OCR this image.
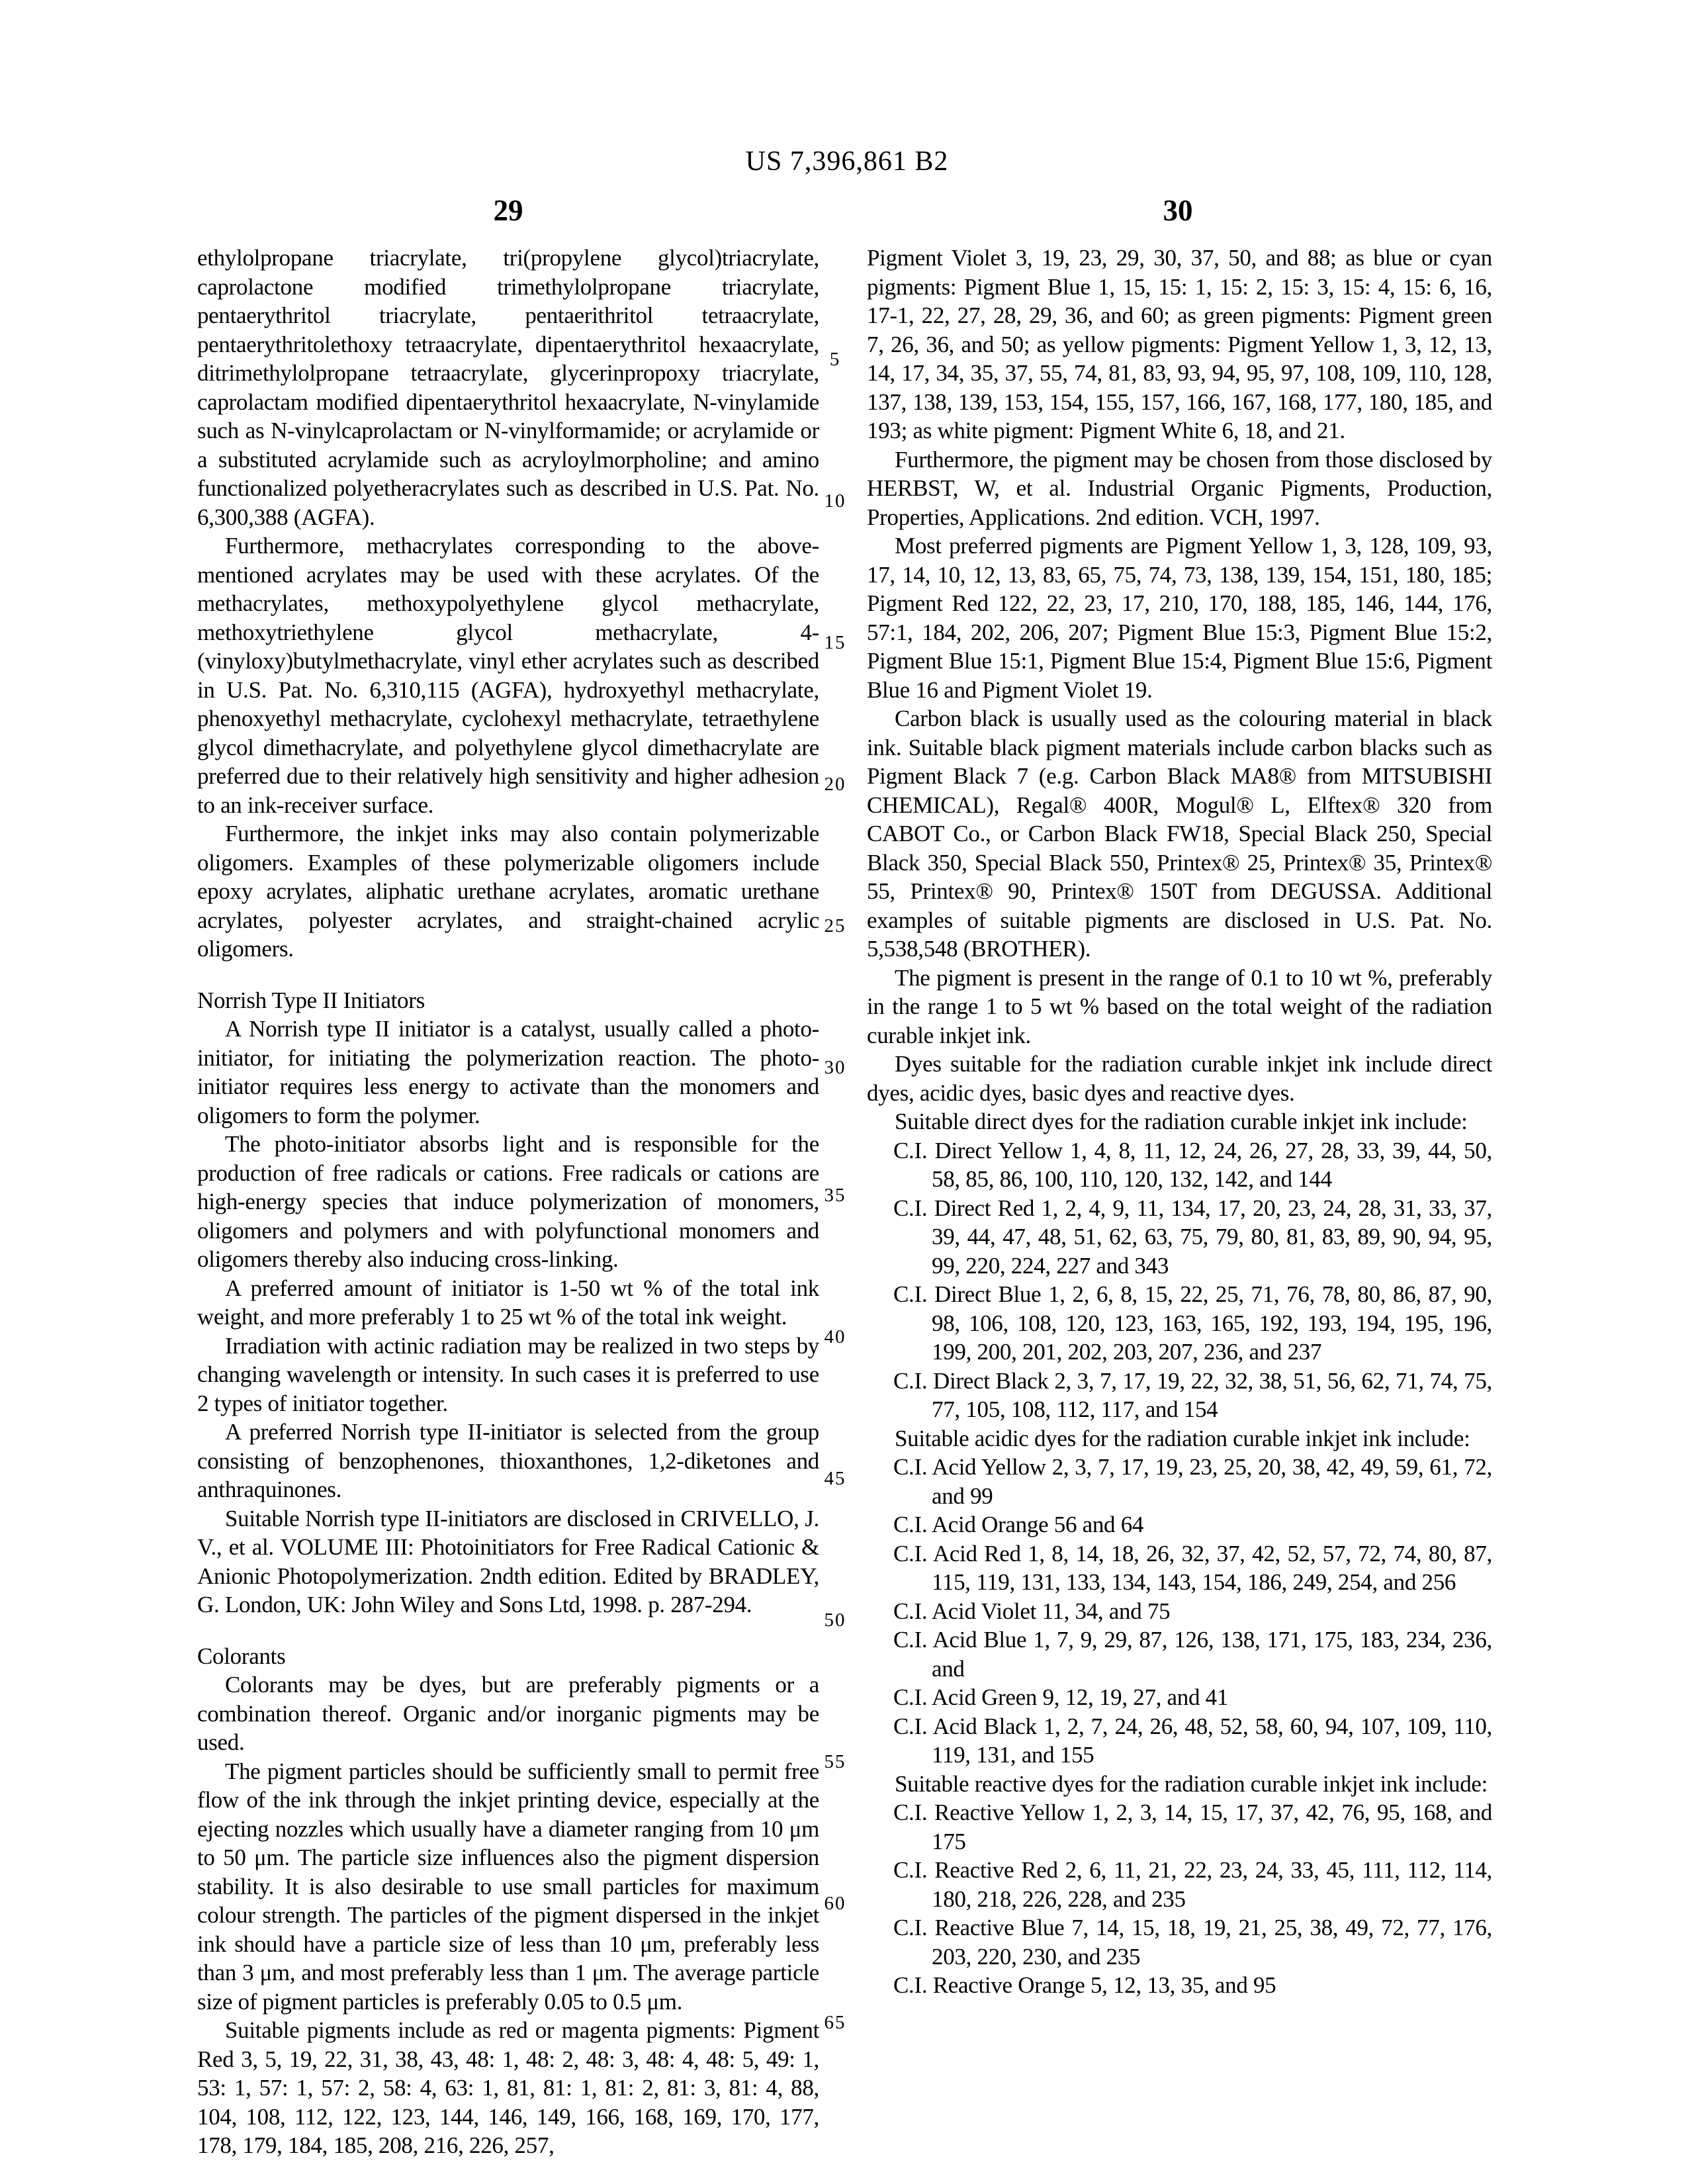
US 7,396,861 B2
29	30
5
10
15
20
25
30
35
40
45
50
55
60
65
ethylolpropane triacrylate, tri(propylene glycol)triacrylate, caprolactone modified trimethylolpropane triacrylate, pentaerythritol triacrylate, pentaerithritol tetraacrylate, pentaerythritolethoxy tetraacrylate, dipentaerythritol hexaacrylate, ditrimethylolpropane tetraacrylate, glycerinpropoxy triacrylate, caprolactam modified dipentaerythritol hexaacrylate, N-vinylamide such as N-vinylcaprolactam or N-vinylformamide; or acrylamide or a substituted acrylamide such as acryloylmorpholine; and amino functionalized polyetheracrylates such as described in U.S. Pat. No. 6,300,388 (AGFA).
Furthermore, methacrylates corresponding to the above-mentioned acrylates may be used with these acrylates. Of the methacrylates, methoxypolyethylene glycol methacrylate, methoxytriethylene glycol methacrylate, 4-(vinyloxy)butylmethacrylate, vinyl ether acrylates such as described in U.S. Pat. No. 6,310,115 (AGFA), hydroxyethyl methacrylate, phenoxyethyl methacrylate, cyclohexyl methacrylate, tetraethylene glycol dimethacrylate, and polyethylene glycol dimethacrylate are preferred due to their relatively high sensitivity and higher adhesion to an ink-receiver surface.
Furthermore, the inkjet inks may also contain polymerizable oligomers. Examples of these polymerizable oligomers include epoxy acrylates, aliphatic urethane acrylates, aromatic urethane acrylates, polyester acrylates, and straight-chained acrylic oligomers.
Norrish Type II Initiators
A Norrish type II initiator is a catalyst, usually called a photo-initiator, for initiating the polymerization reaction. The photo-initiator requires less energy to activate than the monomers and oligomers to form the polymer.
The photo-initiator absorbs light and is responsible for the production of free radicals or cations. Free radicals or cations are high-energy species that induce polymerization of monomers, oligomers and polymers and with polyfunctional monomers and oligomers thereby also inducing cross-linking.
A preferred amount of initiator is 1-50 wt % of the total ink weight, and more preferably 1 to 25 wt % of the total ink weight.
Irradiation with actinic radiation may be realized in two steps by changing wavelength or intensity. In such cases it is preferred to use 2 types of initiator together.
A preferred Norrish type II-initiator is selected from the group consisting of benzophenones, thioxanthones, 1,2-diketones and anthraquinones.
Suitable Norrish type II-initiators are disclosed in CRIVELLO, J. V., et al. VOLUME III: Photoinitiators for Free Radical Cationic & Anionic Photopolymerization. 2ndth edition. Edited by BRADLEY, G. London, UK: John Wiley and Sons Ltd, 1998. p. 287-294.
Colorants
Colorants may be dyes, but are preferably pigments or a combination thereof. Organic and/or inorganic pigments may be used.
The pigment particles should be sufficiently small to permit free flow of the ink through the inkjet printing device, especially at the ejecting nozzles which usually have a diameter ranging from 10 μm to 50 μm. The particle size influences also the pigment dispersion stability. It is also desirable to use small particles for maximum colour strength. The particles of the pigment dispersed in the inkjet ink should have a particle size of less than 10 μm, preferably less than 3 μm, and most preferably less than 1 μm. The average particle size of pigment particles is preferably 0.05 to 0.5 μm.
Suitable pigments include as red or magenta pigments: Pigment Red 3, 5, 19, 22, 31, 38, 43, 48: 1, 48: 2, 48: 3, 48: 4, 48: 5, 49: 1, 53: 1, 57: 1, 57: 2, 58: 4, 63: 1, 81, 81: 1, 81: 2, 81: 3, 81: 4, 88, 104, 108, 112, 122, 123, 144, 146, 149, 166, 168, 169, 170, 177, 178, 179, 184, 185, 208, 216, 226, 257,
Pigment Violet 3, 19, 23, 29, 30, 37, 50, and 88; as blue or cyan pigments: Pigment Blue 1, 15, 15: 1, 15: 2, 15: 3, 15: 4, 15: 6, 16, 17-1, 22, 27, 28, 29, 36, and 60; as green pigments: Pigment green 7, 26, 36, and 50; as yellow pigments: Pigment Yellow 1, 3, 12, 13, 14, 17, 34, 35, 37, 55, 74, 81, 83, 93, 94, 95, 97, 108, 109, 110, 128, 137, 138, 139, 153, 154, 155, 157, 166, 167, 168, 177, 180, 185, and 193; as white pigment: Pigment White 6, 18, and 21.
Furthermore, the pigment may be chosen from those disclosed by HERBST, W, et al. Industrial Organic Pigments, Production, Properties, Applications. 2nd edition. VCH, 1997.
Most preferred pigments are Pigment Yellow 1, 3, 128, 109, 93, 17, 14, 10, 12, 13, 83, 65, 75, 74, 73, 138, 139, 154, 151, 180, 185; Pigment Red 122, 22, 23, 17, 210, 170, 188, 185, 146, 144, 176, 57:1, 184, 202, 206, 207; Pigment Blue 15:3, Pigment Blue 15:2, Pigment Blue 15:1, Pigment Blue 15:4, Pigment Blue 15:6, Pigment Blue 16 and Pigment Violet 19.
Carbon black is usually used as the colouring material in black ink. Suitable black pigment materials include carbon blacks such as Pigment Black 7 (e.g. Carbon Black MA8® from MITSUBISHI CHEMICAL), Regal® 400R, Mogul® L, Elftex® 320 from CABOT Co., or Carbon Black FW18, Special Black 250, Special Black 350, Special Black 550, Printex® 25, Printex® 35, Printex® 55, Printex® 90, Printex® 150T from DEGUSSA. Additional examples of suitable pigments are disclosed in U.S. Pat. No. 5,538,548 (BROTHER).
The pigment is present in the range of 0.1 to 10 wt %, preferably in the range 1 to 5 wt % based on the total weight of the radiation curable inkjet ink.
Dyes suitable for the radiation curable inkjet ink include direct dyes, acidic dyes, basic dyes and reactive dyes.
Suitable direct dyes for the radiation curable inkjet ink include:
C.I. Direct Yellow 1, 4, 8, 11, 12, 24, 26, 27, 28, 33, 39, 44, 50, 58, 85, 86, 100, 110, 120, 132, 142, and 144
C.I. Direct Red 1, 2, 4, 9, 11, 134, 17, 20, 23, 24, 28, 31, 33, 37, 39, 44, 47, 48, 51, 62, 63, 75, 79, 80, 81, 83, 89, 90, 94, 95, 99, 220, 224, 227 and 343
C.I. Direct Blue 1, 2, 6, 8, 15, 22, 25, 71, 76, 78, 80, 86, 87, 90, 98, 106, 108, 120, 123, 163, 165, 192, 193, 194, 195, 196, 199, 200, 201, 202, 203, 207, 236, and 237
C.I. Direct Black 2, 3, 7, 17, 19, 22, 32, 38, 51, 56, 62, 71, 74, 75, 77, 105, 108, 112, 117, and 154
Suitable acidic dyes for the radiation curable inkjet ink include:
C.I. Acid Yellow 2, 3, 7, 17, 19, 23, 25, 20, 38, 42, 49, 59, 61, 72, and 99
C.I. Acid Orange 56 and 64
C.I. Acid Red 1, 8, 14, 18, 26, 32, 37, 42, 52, 57, 72, 74, 80, 87, 115, 119, 131, 133, 134, 143, 154, 186, 249, 254, and 256
C.I. Acid Violet 11, 34, and 75
C.I. Acid Blue 1, 7, 9, 29, 87, 126, 138, 171, 175, 183, 234, 236, and
C.I. Acid Green 9, 12, 19, 27, and 41
C.I. Acid Black 1, 2, 7, 24, 26, 48, 52, 58, 60, 94, 107, 109, 110, 119, 131, and 155
Suitable reactive dyes for the radiation curable inkjet ink include:
C.I. Reactive Yellow 1, 2, 3, 14, 15, 17, 37, 42, 76, 95, 168, and 175
C.I. Reactive Red 2, 6, 11, 21, 22, 23, 24, 33, 45, 111, 112, 114, 180, 218, 226, 228, and 235
C.I. Reactive Blue 7, 14, 15, 18, 19, 21, 25, 38, 49, 72, 77, 176, 203, 220, 230, and 235
C.I. Reactive Orange 5, 12, 13, 35, and 95
